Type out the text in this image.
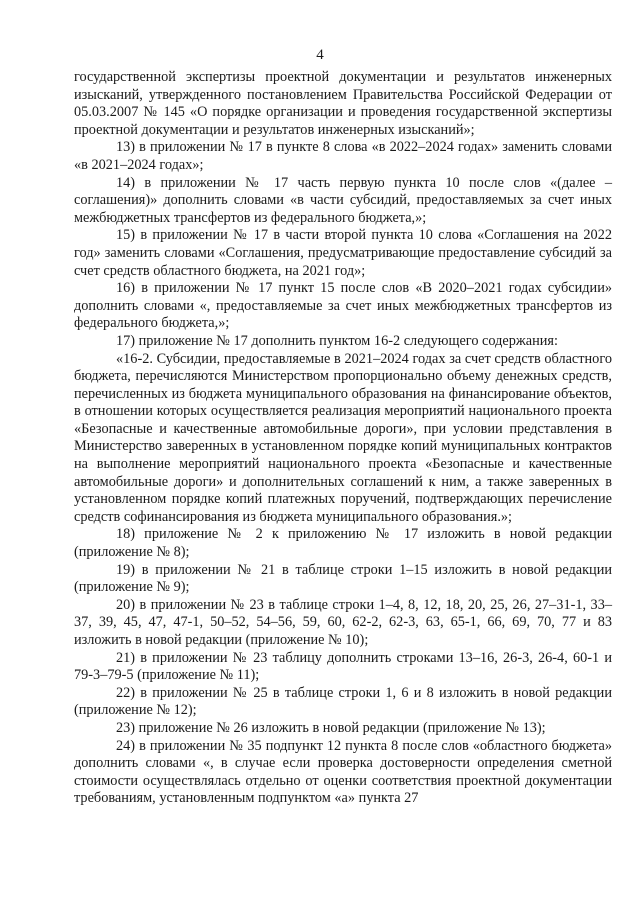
4

государственной экспертизы проектной документации и результатов инженерных изысканий, утвержденного постановлением Правительства Российской Федерации от 05.03.2007 № 145 «О порядке организации и проведения государственной экспертизы проектной документации и результатов инженерных изысканий»;

13) в приложении № 17 в пункте 8 слова «в 2022–2024 годах» заменить словами «в 2021–2024 годах»;

14) в приложении № 17 часть первую пункта 10 после слов «(далее – соглашения)» дополнить словами «в части субсидий, предоставляемых за счет иных межбюджетных трансфертов из федерального бюджета,»;

15) в приложении № 17 в части второй пункта 10 слова «Соглашения на 2022 год» заменить словами «Соглашения, предусматривающие предоставление субсидий за счет средств областного бюджета, на 2021 год»;

16) в приложении № 17 пункт 15 после слов «В 2020–2021 годах субсидии» дополнить словами «, предоставляемые за счет иных межбюджетных трансфертов из федерального бюджета,»;

17) приложение № 17 дополнить пунктом 16-2 следующего содержания:

«16-2. Субсидии, предоставляемые в 2021–2024 годах за счет средств областного бюджета, перечисляются Министерством пропорционально объему денежных средств, перечисленных из бюджета муниципального образования на финансирование объектов, в отношении которых осуществляется реализация мероприятий национального проекта «Безопасные и качественные автомобильные дороги», при условии представления в Министерство заверенных в установленном порядке копий муниципальных контрактов на выполнение мероприятий национального проекта «Безопасные и качественные автомобильные дороги» и дополнительных соглашений к ним, а также заверенных в установленном порядке копий платежных поручений, подтверждающих перечисление средств софинансирования из бюджета муниципального образования.»;

18) приложение № 2 к приложению № 17 изложить в новой редакции (приложение № 8);

19) в приложении № 21 в таблице строки 1–15 изложить в новой редакции (приложение № 9);

20) в приложении № 23 в таблице строки 1–4, 8, 12, 18, 20, 25, 26, 27–31-1, 33–37, 39, 45, 47, 47-1, 50–52, 54–56, 59, 60, 62-2, 62-3, 63, 65-1, 66, 69, 70, 77 и 83 изложить в новой редакции (приложение № 10);

21) в приложении № 23 таблицу дополнить строками 13–16, 26-3, 26-4, 60-1 и 79-3–79-5 (приложение № 11);

22) в приложении № 25 в таблице строки 1, 6 и 8 изложить в новой редакции (приложение № 12);

23) приложение № 26 изложить в новой редакции (приложение № 13);

24) в приложении № 35 подпункт 12 пункта 8 после слов «областного бюджета» дополнить словами «, в случае если проверка достоверности определения сметной стоимости осуществлялась отдельно от оценки соответствия проектной документации требованиям, установленным подпунктом «а» пункта 27
